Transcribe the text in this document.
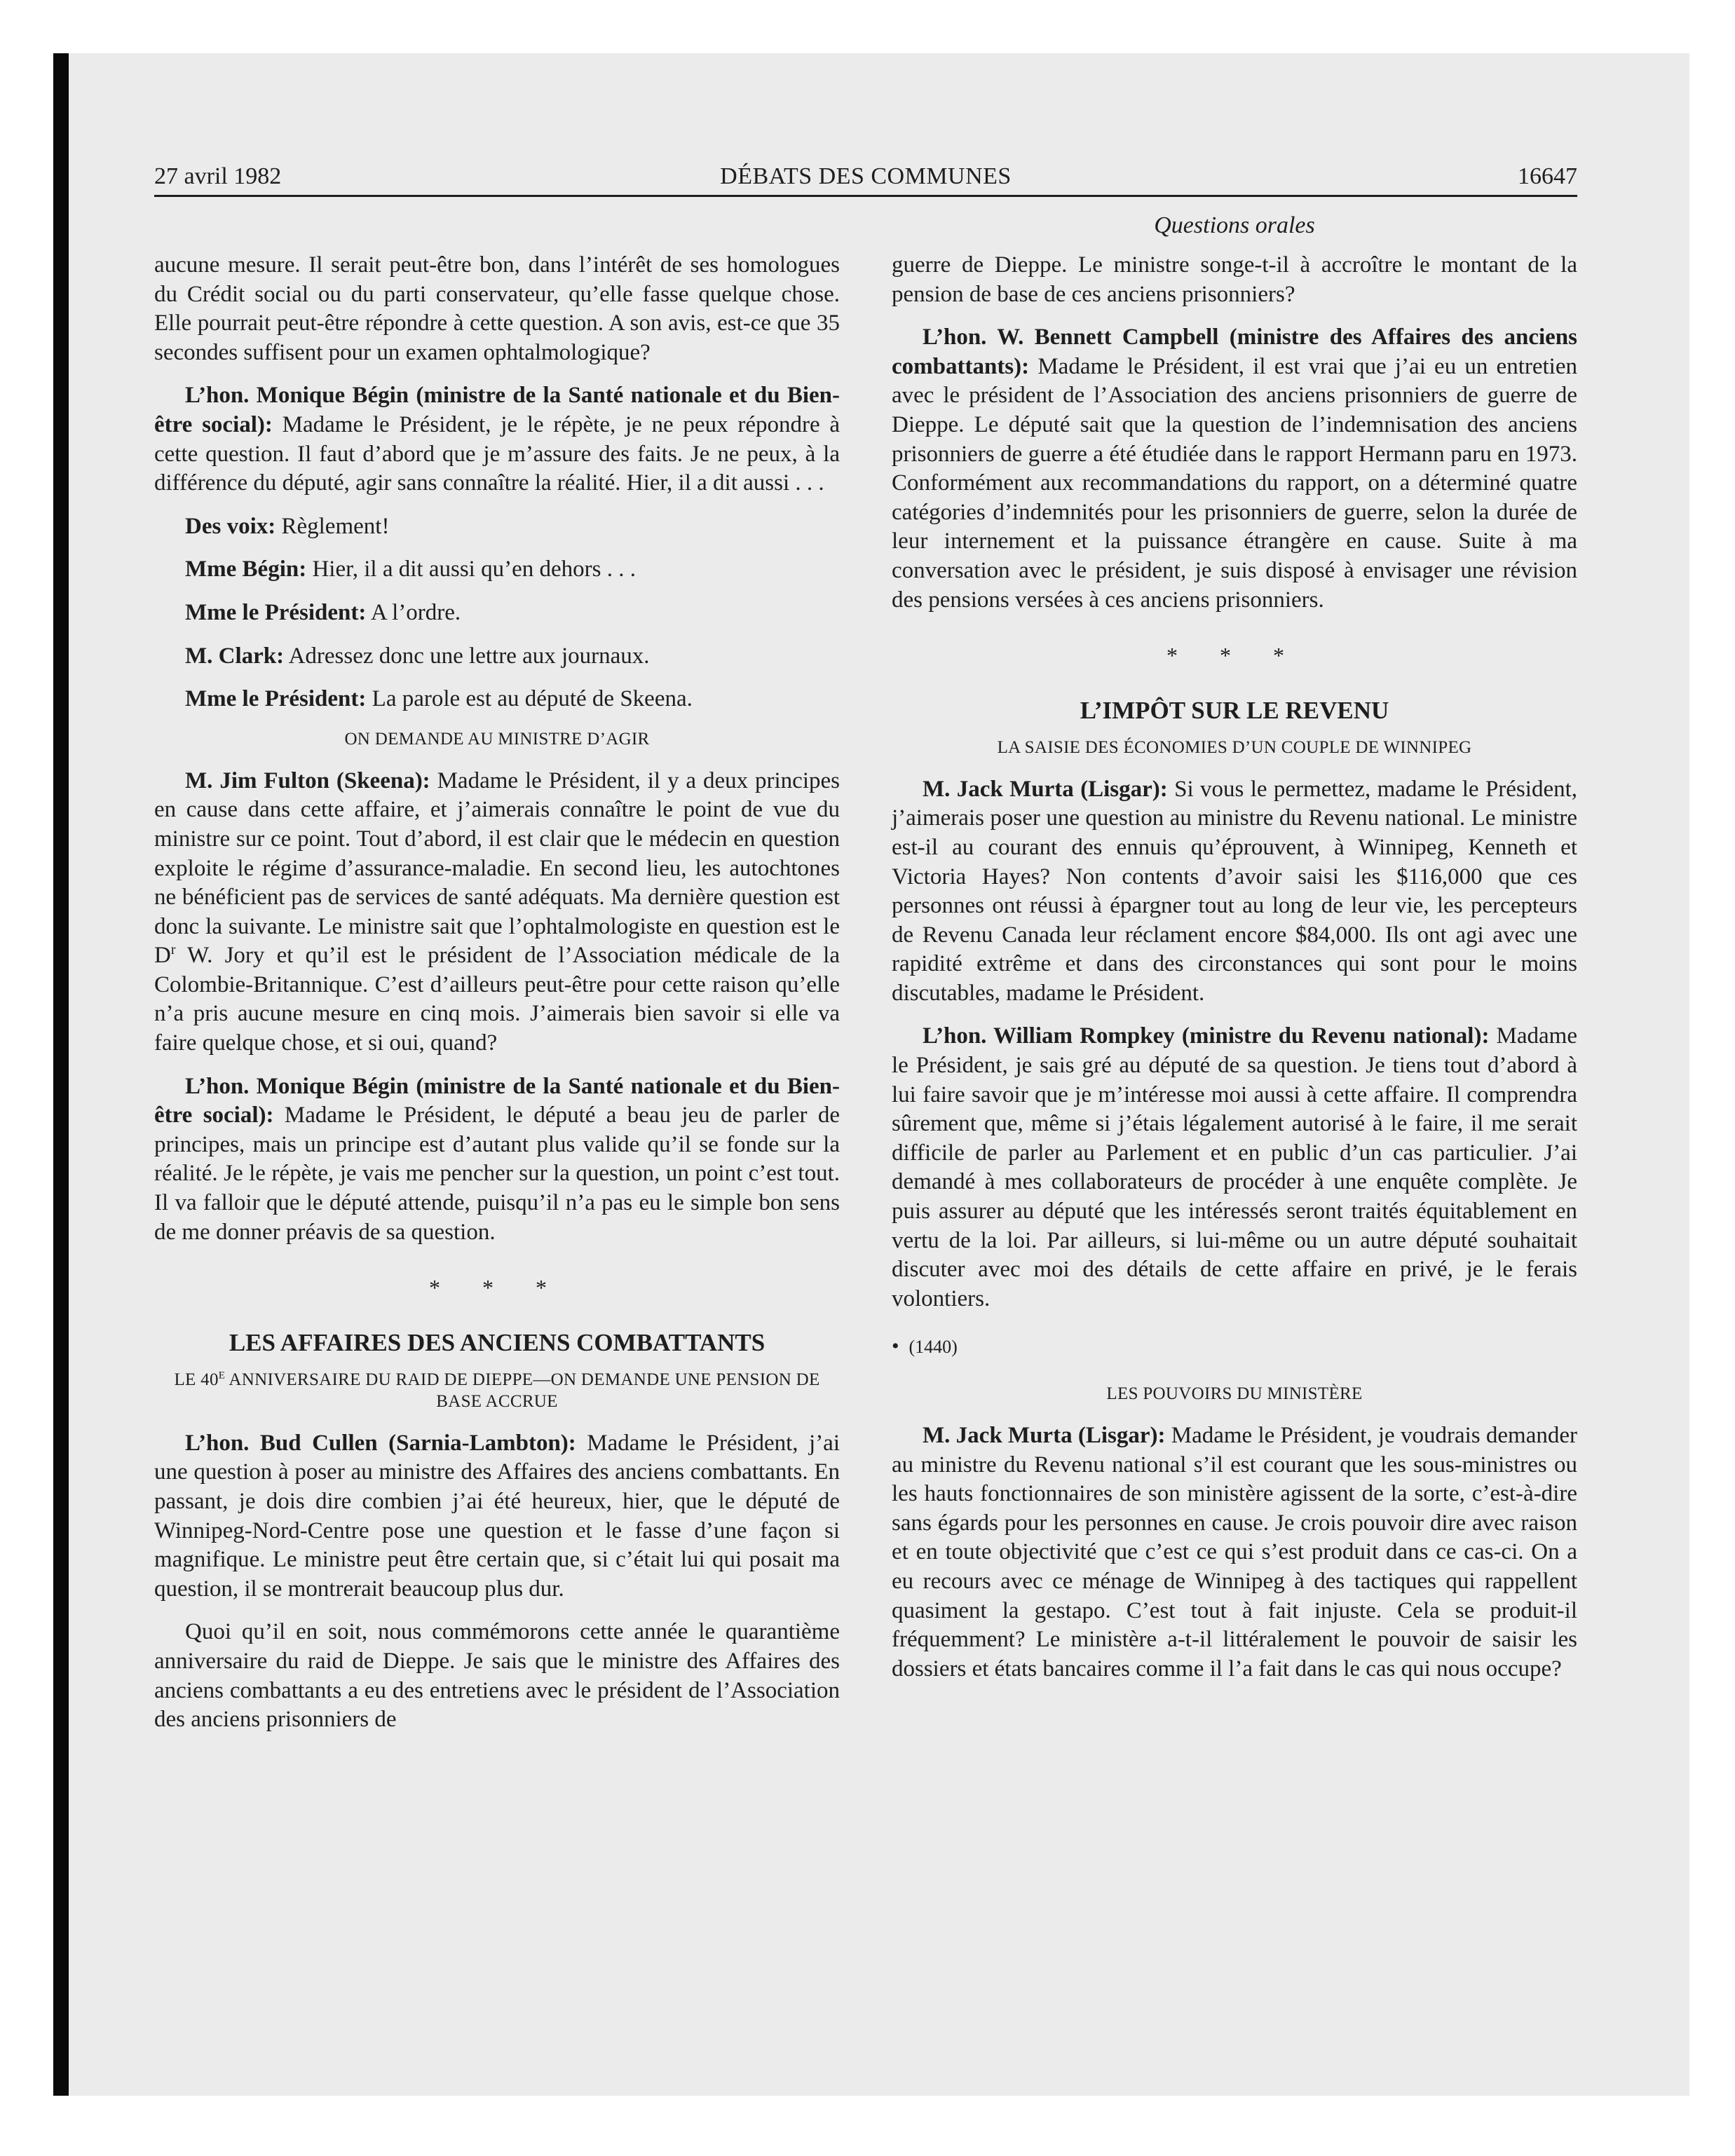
27 avril 1982	DÉBATS DES COMMUNES	16647
Questions orales

aucune mesure. Il serait peut-être bon, dans l’intérêt de ses homologues du Crédit social ou du parti conservateur, qu’elle fasse quelque chose. Elle pourrait peut-être répondre à cette question. A son avis, est-ce que 35 secondes suffisent pour un examen ophtalmologique?

L’hon. Monique Bégin (ministre de la Santé nationale et du Bien-être social): Madame le Président, je le répète, je ne peux répondre à cette question. Il faut d’abord que je m’assure des faits. Je ne peux, à la différence du député, agir sans connaître la réalité. Hier, il a dit aussi . . .

Des voix: Règlement!

Mme Bégin: Hier, il a dit aussi qu’en dehors . . .

Mme le Président: A l’ordre.

M. Clark: Adressez donc une lettre aux journaux.

Mme le Président: La parole est au député de Skeena.

ON DEMANDE AU MINISTRE D’AGIR

M. Jim Fulton (Skeena): Madame le Président, il y a deux principes en cause dans cette affaire, et j’aimerais connaître le point de vue du ministre sur ce point. Tout d’abord, il est clair que le médecin en question exploite le régime d’assurance-maladie. En second lieu, les autochtones ne bénéficient pas de services de santé adéquats. Ma dernière question est donc la suivante. Le ministre sait que l’ophtalmologiste en question est le $D^r$ W. Jory et qu’il est le président de l’Association médicale de la Colombie-Britannique. C’est d’ailleurs peut-être pour cette raison qu’elle n’a pris aucune mesure en cinq mois. J’aimerais bien savoir si elle va faire quelque chose, et si oui, quand?

L’hon. Monique Bégin (ministre de la Santé nationale et du Bien-être social): Madame le Président, le député a beau jeu de parler de principes, mais un principe est d’autant plus valide qu’il se fonde sur la réalité. Je le répète, je vais me pencher sur la question, un point c’est tout. Il va falloir que le député attende, puisqu’il n’a pas eu le simple bon sens de me donner préavis de sa question.

* * *
LES AFFAIRES DES ANCIENS COMBATTANTS
LE $40^E$ ANNIVERSAIRE DU RAID DE DIEPPE—ON DEMANDE UNE PENSION DE BASE ACCRUE

L’hon. Bud Cullen (Sarnia-Lambton): Madame le Président, j’ai une question à poser au ministre des Affaires des anciens combattants. En passant, je dois dire combien j’ai été heureux, hier, que le député de Winnipeg-Nord-Centre pose une question et le fasse d’une façon si magnifique. Le ministre peut être certain que, si c’était lui qui posait ma question, il se montrerait beaucoup plus dur.

Quoi qu’il en soit, nous commémorons cette année le quarantième anniversaire du raid de Dieppe. Je sais que le ministre des Affaires des anciens combattants a eu des entretiens avec le président de l’Association des anciens prisonniers de

guerre de Dieppe. Le ministre songe-t-il à accroître le montant de la pension de base de ces anciens prisonniers?

L’hon. W. Bennett Campbell (ministre des Affaires des anciens combattants): Madame le Président, il est vrai que j’ai eu un entretien avec le président de l’Association des anciens prisonniers de guerre de Dieppe. Le député sait que la question de l’indemnisation des anciens prisonniers de guerre a été étudiée dans le rapport Hermann paru en 1973. Conformément aux recommandations du rapport, on a déterminé quatre catégories d’indemnités pour les prisonniers de guerre, selon la durée de leur internement et la puissance étrangère en cause. Suite à ma conversation avec le président, je suis disposé à envisager une révision des pensions versées à ces anciens prisonniers.

* * *
L’IMPÔT SUR LE REVENU
LA SAISIE DES ÉCONOMIES D’UN COUPLE DE WINNIPEG

M. Jack Murta (Lisgar): Si vous le permettez, madame le Président, j’aimerais poser une question au ministre du Revenu national. Le ministre est-il au courant des ennuis qu’éprouvent, à Winnipeg, Kenneth et Victoria Hayes? Non contents d’avoir saisi les $116,000 que ces personnes ont réussi à épargner tout au long de leur vie, les percepteurs de Revenu Canada leur réclament encore $84,000. Ils ont agi avec une rapidité extrême et dans des circonstances qui sont pour le moins discutables, madame le Président.

L’hon. William Rompkey (ministre du Revenu national): Madame le Président, je sais gré au député de sa question. Je tiens tout d’abord à lui faire savoir que je m’intéresse moi aussi à cette affaire. Il comprendra sûrement que, même si j’étais légalement autorisé à le faire, il me serait difficile de parler au Parlement et en public d’un cas particulier. J’ai demandé à mes collaborateurs de procéder à une enquête complète. Je puis assurer au député que les intéressés seront traités équitablement en vertu de la loi. Par ailleurs, si lui-même ou un autre député souhaitait discuter avec moi des détails de cette affaire en privé, je le ferais volontiers.

• (1440)
LES POUVOIRS DU MINISTÈRE

M. Jack Murta (Lisgar): Madame le Président, je voudrais demander au ministre du Revenu national s’il est courant que les sous-ministres ou les hauts fonctionnaires de son ministère agissent de la sorte, c’est-à-dire sans égards pour les personnes en cause. Je crois pouvoir dire avec raison et en toute objectivité que c’est ce qui s’est produit dans ce cas-ci. On a eu recours avec ce ménage de Winnipeg à des tactiques qui rappellent quasiment la gestapo. C’est tout à fait injuste. Cela se produit-il fréquemment? Le ministère a-t-il littéralement le pouvoir de saisir les dossiers et états bancaires comme il l’a fait dans le cas qui nous occupe?
